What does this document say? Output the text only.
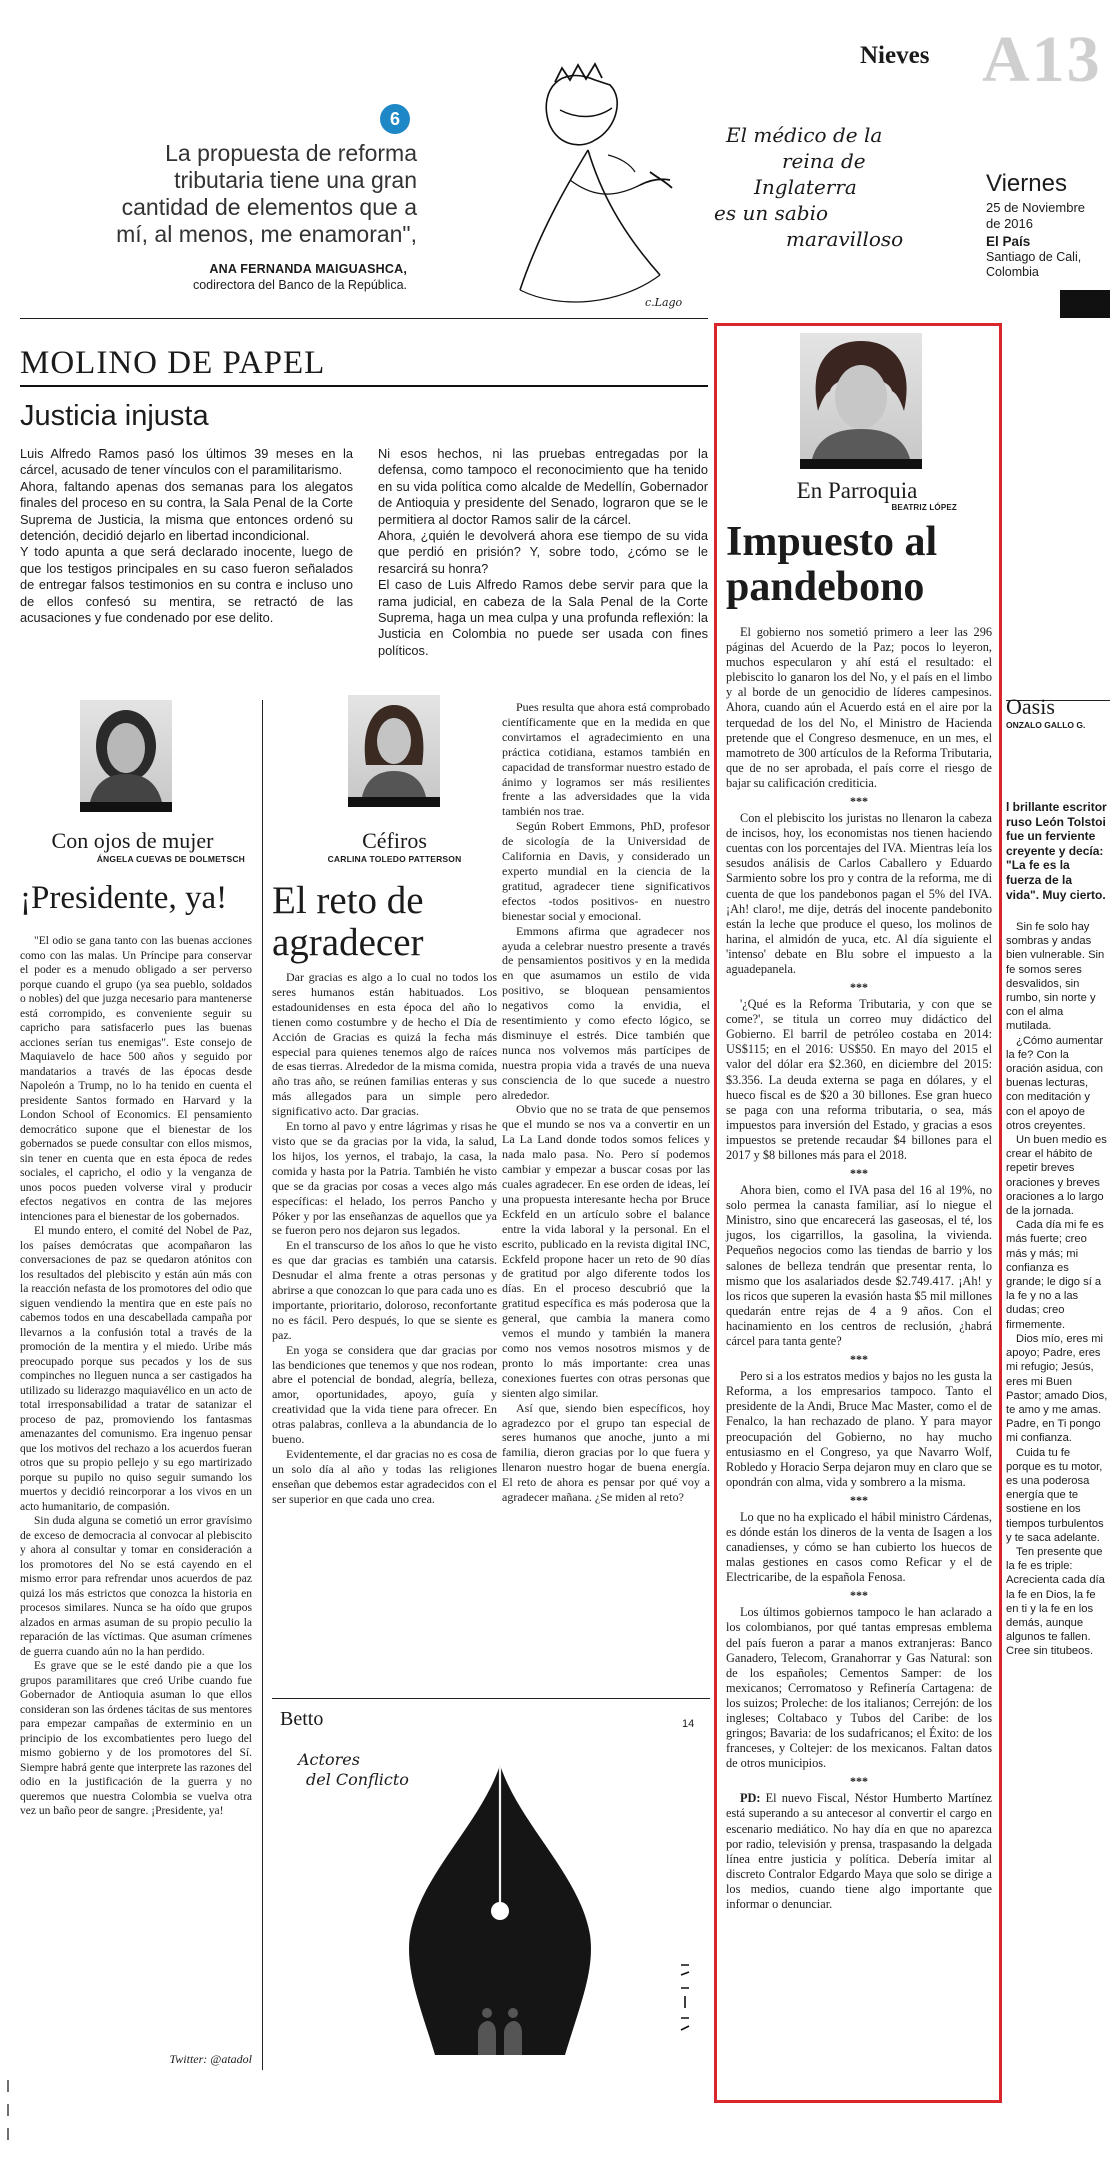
Nieves A13
6
La propuesta de reforma tributaria tiene una gran cantidad de elementos que a mí, al menos, me enamoran",
ANA FERNANDA MAIGUASHCA,
codirectora del Banco de la República.
El médico de la
reina de
Inglaterra
es un sabio
maravilloso
c.Lago
Viernes
25 de Noviembre de 2016
El País
Santiago de Cali, Colombia
MOLINO DE PAPEL
Justicia injusta

Luis Alfredo Ramos pasó los últimos 39 meses en la cárcel, acusado de tener vínculos con el paramilitarismo.

Ahora, faltando apenas dos semanas para los alegatos finales del proceso en su contra, la Sala Penal de la Corte Suprema de Justicia, la misma que entonces ordenó su detención, decidió dejarlo en libertad incondicional.

Y todo apunta a que será declarado inocente, luego de que los testigos principales en su caso fueron señalados de entregar falsos testimonios en su contra e incluso uno de ellos confesó su mentira, se retractó de las acusaciones y fue condenado por ese delito.

Ni esos hechos, ni las pruebas entregadas por la defensa, como tampoco el reconocimiento que ha tenido en su vida política como alcalde de Medellín, Gobernador de Antioquia y presidente del Senado, lograron que se le permitiera al doctor Ramos salir de la cárcel.

Ahora, ¿quién le devolverá ahora ese tiempo de su vida que perdió en prisión? Y, sobre todo, ¿cómo se le resarcirá su honra?

El caso de Luis Alfredo Ramos debe servir para que la rama judicial, en cabeza de la Sala Penal de la Corte Suprema, haga un mea culpa y una profunda reflexión: la Justicia en Colombia no puede ser usada con fines políticos.

Con ojos de mujer
ÁNGELA CUEVAS DE DOLMETSCH
¡Presidente, ya!

"El odio se gana tanto con las buenas acciones como con las malas. Un Príncipe para conservar el poder es a menudo obligado a ser perverso porque cuando el grupo (ya sea pueblo, soldados o nobles) del que juzga necesario para mantenerse está corrompido, es conveniente seguir su capricho para satisfacerlo pues las buenas acciones serían tus enemigas". Este consejo de Maquiavelo de hace 500 años y seguido por mandatarios a través de las épocas desde Napoleón a Trump, no lo ha tenido en cuenta el presidente Santos formado en Harvard y la London School of Economics. El pensamiento democrático supone que el bienestar de los gobernados se puede consultar con ellos mismos, sin tener en cuenta que en esta época de redes sociales, el capricho, el odio y la venganza de unos pocos pueden volverse viral y producir efectos negativos en contra de las mejores intenciones para el bienestar de los gobernados.

El mundo entero, el comité del Nobel de Paz, los países demócratas que acompañaron las conversaciones de paz se quedaron atónitos con los resultados del plebiscito y están aún más con la reacción nefasta de los promotores del odio que siguen vendiendo la mentira que en este país no cabemos todos en una descabellada campaña por llevarnos a la confusión total a través de la promoción de la mentira y el miedo. Uribe más preocupado porque sus pecados y los de sus compinches no lleguen nunca a ser castigados ha utilizado su liderazgo maquiavélico en un acto de total irresponsabilidad a tratar de satanizar el proceso de paz, promoviendo los fantasmas amenazantes del comunismo. Era ingenuo pensar que los motivos del rechazo a los acuerdos fueran otros que su propio pellejo y su ego martirizado porque su pupilo no quiso seguir sumando los muertos y decidió reincorporar a los vivos en un acto humanitario, de compasión.

Sin duda alguna se cometió un error gravísimo de exceso de democracia al convocar al plebiscito y ahora al consultar y tomar en consideración a los promotores del No se está cayendo en el mismo error para refrendar unos acuerdos de paz quizá los más estrictos que conozca la historia en procesos similares. Nunca se ha oído que grupos alzados en armas asuman de su propio peculio la reparación de las víctimas. Que asuman crímenes de guerra cuando aún no la han perdido.

Es grave que se le esté dando pie a que los grupos paramilitares que creó Uribe cuando fue Gobernador de Antioquia asuman lo que ellos consideran son las órdenes tácitas de sus mentores para empezar campañas de exterminio en un principio de los excombatientes pero luego del mismo gobierno y de los promotores del Sí. Siempre habrá gente que interprete las razones del odio en la justificación de la guerra y no queremos que nuestra Colombia se vuelva otra vez un baño peor de sangre. ¡Presidente, ya!

Twitter: @atadol
Céfiros
CARLINA TOLEDO PATTERSON
El reto de agradecer

Dar gracias es algo a lo cual no todos los seres humanos están habituados. Los estadounidenses en esta época del año lo tienen como costumbre y de hecho el Día de Acción de Gracias es quizá la fecha más especial para quienes tenemos algo de raíces de esas tierras. Alrededor de la misma comida, año tras año, se reúnen familias enteras y sus más allegados para un simple pero significativo acto. Dar gracias.

En torno al pavo y entre lágrimas y risas he visto que se da gracias por la vida, la salud, los hijos, los yernos, el trabajo, la casa, la comida y hasta por la Patria. También he visto que se da gracias por cosas a veces algo más específicas: el helado, los perros Pancho y Póker y por las enseñanzas de aquellos que ya se fueron pero nos dejaron sus legados.

En el transcurso de los años lo que he visto es que dar gracias es también una catarsis. Desnudar el alma frente a otras personas y abrirse a que conozcan lo que para cada uno es importante, prioritario, doloroso, reconfortante no es fácil. Pero después, lo que se siente es paz.

En yoga se considera que dar gracias por las bendiciones que tenemos y que nos rodean, abre el potencial de bondad, alegría, belleza, amor, oportunidades, apoyo, guía y creatividad que la vida tiene para ofrecer. En otras palabras, conlleva a la abundancia de lo bueno.

Evidentemente, el dar gracias no es cosa de un solo día al año y todas las religiones enseñan que debemos estar agradecidos con el ser superior en que cada uno crea.

Pues resulta que ahora está comprobado científicamente que en la medida en que convirtamos el agradecimiento en una práctica cotidiana, estamos también en capacidad de transformar nuestro estado de ánimo y logramos ser más resilientes frente a las adversidades que la vida también nos trae.

Según Robert Emmons, PhD, profesor de sicología de la Universidad de California en Davis, y considerado un experto mundial en la ciencia de la gratitud, agradecer tiene significativos efectos -todos positivos- en nuestro bienestar social y emocional.

Emmons afirma que agradecer nos ayuda a celebrar nuestro presente a través de pensamientos positivos y en la medida en que asumamos un estilo de vida positivo, se bloquean pensamientos negativos como la envidia, el resentimiento y como efecto lógico, se disminuye el estrés. Dice también que nunca nos volvemos más partícipes de nuestra propia vida a través de una nueva consciencia de lo que sucede a nuestro alrededor.

Obvio que no se trata de que pensemos que el mundo se nos va a convertir en un La La Land donde todos somos felices y nada malo pasa. No. Pero sí podemos cambiar y empezar a buscar cosas por las cuales agradecer. En ese orden de ideas, leí una propuesta interesante hecha por Bruce Eckfeld en un artículo sobre el balance entre la vida laboral y la personal. En el escrito, publicado en la revista digital INC, Eckfeld propone hacer un reto de 90 días de gratitud por algo diferente todos los días. En el proceso descubrió que la gratitud específica es más poderosa que la general, que cambia la manera como vemos el mundo y también la manera como nos vemos nosotros mismos y de pronto lo más importante: crea unas conexiones fuertes con otras personas que sienten algo similar.

Así que, siendo bien específicos, hoy agradezco por el grupo tan especial de seres humanos que anoche, junto a mi familia, dieron gracias por lo que fuera y llenaron nuestro hogar de buena energía. El reto de ahora es pensar por qué voy a agradecer mañana. ¿Se miden al reto?

Betto
Actores
del Conflicto
14
En Parroquia
BEATRIZ LÓPEZ
Impuesto al
pandebono

El gobierno nos sometió primero a leer las 296 páginas del Acuerdo de la Paz; pocos lo leyeron, muchos especularon y ahí está el resultado: el plebiscito lo ganaron los del No, y el país en el limbo y al borde de un genocidio de líderes campesinos. Ahora, cuando aún el Acuerdo está en el aire por la terquedad de los del No, el Ministro de Hacienda pretende que el Congreso desmenuce, en un mes, el mamotreto de 300 artículos de la Reforma Tributaria, que de no ser aprobada, el país corre el riesgo de bajar su calificación crediticia.

***

Con el plebiscito los juristas no llenaron la cabeza de incisos, hoy, los economistas nos tienen haciendo cuentas con los porcentajes del IVA. Mientras leía los sesudos análisis de Carlos Caballero y Eduardo Sarmiento sobre los pro y contra de la reforma, me di cuenta de que los pandebonos pagan el 5% del IVA. ¡Ah! claro!, me dije, detrás del inocente pandebonito están la leche que produce el queso, los molinos de harina, el almidón de yuca, etc. Al día siguiente el 'intenso' debate en Blu sobre el impuesto a la aguadepanela.

***

'¿Qué es la Reforma Tributaria, y con que se come?', se titula un correo muy didáctico del Gobierno. El barril de petróleo costaba en 2014: US$115; en el 2016: US$50. En mayo del 2015 el valor del dólar era $2.360, en diciembre del 2015: $3.356. La deuda externa se paga en dólares, y el hueco fiscal es de $20 a 30 billones. Ese gran hueco se paga con una reforma tributaria, o sea, más impuestos para inversión del Estado, y gracias a esos impuestos se pretende recaudar $4 billones para el 2017 y $8 billones más para el 2018.

***

Ahora bien, como el IVA pasa del 16 al 19%, no solo permea la canasta familiar, así lo niegue el Ministro, sino que encarecerá las gaseosas, el té, los jugos, los cigarrillos, la gasolina, la vivienda. Pequeños negocios como las tiendas de barrio y los salones de belleza tendrán que presentar renta, lo mismo que los asalariados desde $2.749.417. ¡Ah! y los ricos que superen la evasión hasta $5 mil millones quedarán entre rejas de 4 a 9 años. Con el hacinamiento en los centros de reclusión, ¿habrá cárcel para tanta gente?

***

Pero si a los estratos medios y bajos no les gusta la Reforma, a los empresarios tampoco. Tanto el presidente de la Andi, Bruce Mac Master, como el de Fenalco, la han rechazado de plano. Y para mayor preocupación del Gobierno, no hay mucho entusiasmo en el Congreso, ya que Navarro Wolf, Robledo y Horacio Serpa dejaron muy en claro que se opondrán con alma, vida y sombrero a la misma.

***

Lo que no ha explicado el hábil ministro Cárdenas, es dónde están los dineros de la venta de Isagen a los canadienses, y cómo se han cubierto los huecos de malas gestiones en casos como Reficar y el de Electricaribe, de la española Fenosa.

***

Los últimos gobiernos tampoco le han aclarado a los colombianos, por qué tantas empresas emblema del país fueron a parar a manos extranjeras: Banco Ganadero, Telecom, Granahorrar y Gas Natural: son de los españoles; Cementos Samper: de los mexicanos; Cerromatoso y Refinería Cartagena: de los suizos; Proleche: de los italianos; Cerrejón: de los ingleses; Coltabaco y Tubos del Caribe: de los gringos; Bavaria: de los sudafricanos; el Éxito: de los franceses, y Coltejer: de los mexicanos. Faltan datos de otros municipios.

***

PD: El nuevo Fiscal, Néstor Humberto Martínez está superando a su antecesor al convertir el cargo en escenario mediático. No hay día en que no aparezca por radio, televisión y prensa, traspasando la delgada línea entre justicia y política. Debería imitar al discreto Contralor Edgardo Maya que solo se dirige a los medios, cuando tiene algo importante que informar o denunciar.

Oasis
ONZALO GALLO G.
l brillante escritor ruso León Tolstoi fue un ferviente creyente y decía: "La fe es la fuerza de la vida". Muy cierto.

Sin fe solo hay sombras y andas bien vulnerable. Sin fe somos seres desvalidos, sin rumbo, sin norte y con el alma mutilada.

¿Cómo aumentar la fe? Con la oración asidua, con buenas lecturas, con meditación y con el apoyo de otros creyentes.

Un buen medio es crear el hábito de repetir breves oraciones y breves oraciones a lo largo de la jornada.

Cada día mi fe es más fuerte; creo más y más; mi confianza es grande; le digo sí a la fe y no a las dudas; creo firmemente.

Dios mío, eres mi apoyo; Padre, eres mi refugio; Jesús, eres mi Buen Pastor; amado Dios, te amo y me amas. Padre, en Ti pongo mi confianza.

Cuida tu fe porque es tu motor, es una poderosa energía que te sostiene en los tiempos turbulentos y te saca adelante.

Ten presente que la fe es triple: Acrecienta cada día la fe en Dios, la fe en ti y la fe en los demás, aunque algunos te fallen. Cree sin titubeos.
